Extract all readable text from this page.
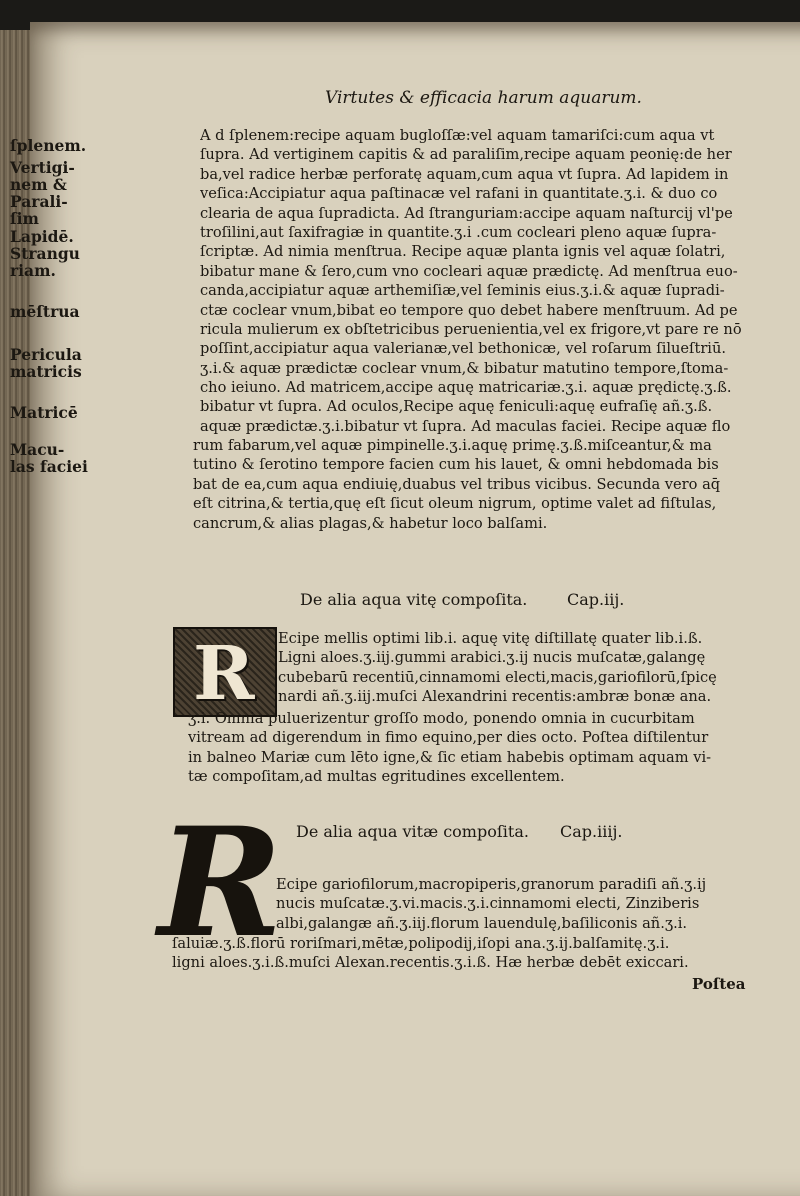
Virtutes & efficacia harum aquarum.
ſplenem.
Vertigi-
nem &
Parali-
ſim
Lapidē.
Strangu
riam.
mēſtrua
Pericula
matricis
Matricē
Macu-
las faciei
A d ſplenem:recipe aquam bugloſſæ:vel aquam tamariſci:cum aqua vt
ſupra. Ad vertiginem capitis & ad paraliſim,recipe aquam peonię:de her
ba,vel radice herbæ perforatę aquam,cum aqua vt ſupra. Ad lapidem in
veſica:Accipiatur aqua paſtinacæ vel rafani in quantitate.ʒ.i. & duo co
clearia de aqua ſupradicta. Ad ſtranguriam:accipe aquam naſturcij vl'pe
troſilini,aut ſaxifragiæ in quantite.ʒ.i .cum cocleari pleno aquæ ſupra-
ſcriptæ. Ad nimia menſtrua. Recipe aquæ planta ignis vel aquæ ſolatri,
bibatur mane & ſero,cum vno cocleari aquæ prædictę. Ad menſtrua euo-
canda,accipiatur aquæ arthemiſiæ,vel ſeminis eius.ʒ.i.& aquæ ſupradi-
ctæ coclear vnum,bibat eo tempore quo debet habere menſtruum. Ad pe
ricula mulierum ex obſtetricibus peruenientia,vel ex frigore,vt pare re nō
poſſint,accipiatur aqua valerianæ,vel bethonicæ, vel roſarum ſilueſtriū.
ʒ.i.& aquæ prædictæ coclear vnum,& bibatur matutino tempore,ſtoma-
cho ieiuno. Ad matricem,accipe aquę matricariæ.ʒ.i. aquæ prędictę.ʒ.ß.
bibatur vt ſupra. Ad oculos,Recipe aquę feniculi:aquę eufraſię añ.ʒ.ß.
aquæ prædictæ.ʒ.i.bibatur vt ſupra. Ad maculas faciei. Recipe aquæ flo
rum fabarum,vel aquæ pimpinelle.ʒ.i.aquę primę.ʒ.ß.miſceantur,& ma
tutino & ſerotino tempore facien cum his lauet, & omni hebdomada bis
bat de ea,cum aqua endiuię,duabus vel tribus vicibus. Secunda vero aq̄
eſt citrina,& tertia,quę eſt ſicut oleum nigrum, optime valet ad fiſtulas,
cancrum,& alias plagas,& habetur loco balſami.
De alia aqua vitę compoſita. Cap.iij.
R Ecipe mellis optimi lib.i. aquę vitę diſtillatę quater lib.i.ß.
Ligni aloes.ʒ.iij.gummi arabici.ʒ.ij nucis muſcatæ,galangę
cubebarū recentiū,cinnamomi electi,macis,gariofilorū,ſpicę
nardi añ.ʒ.iij.muſci Alexandrini recentis:ambræ bonæ ana.
ʒ.i. Omnia puluerizentur groſſo modo, ponendo omnia in cucurbitam
vitream ad digerendum in fimo equino,per dies octo. Poſtea diſtilentur
in balneo Mariæ cum lēto igne,& ſic etiam habebis optimam aquam vi-
tæ compoſitam,ad multas egritudines excellentem.
De alia aqua vitæ compoſita. Cap.iiij.
R
Ecipe gariofilorum,macropiperis,granorum paradiſi añ.ʒ.ij
nucis muſcatæ.ʒ.vi.macis.ʒ.i.cinnamomi electi, Zinziberis
albi,galangæ añ.ʒ.iij.florum lauendulę,baſiliconis añ.ʒ.i.
ſaluiæ.ʒ.ß.florū roriſmari,mētæ,polipodij,iſopi ana.ʒ.ij.balſamitę.ʒ.i.
ligni aloes.ʒ.i.ß.muſci Alexan.recentis.ʒ.i.ß. Hæ herbæ debēt exiccari.
Poſtea
